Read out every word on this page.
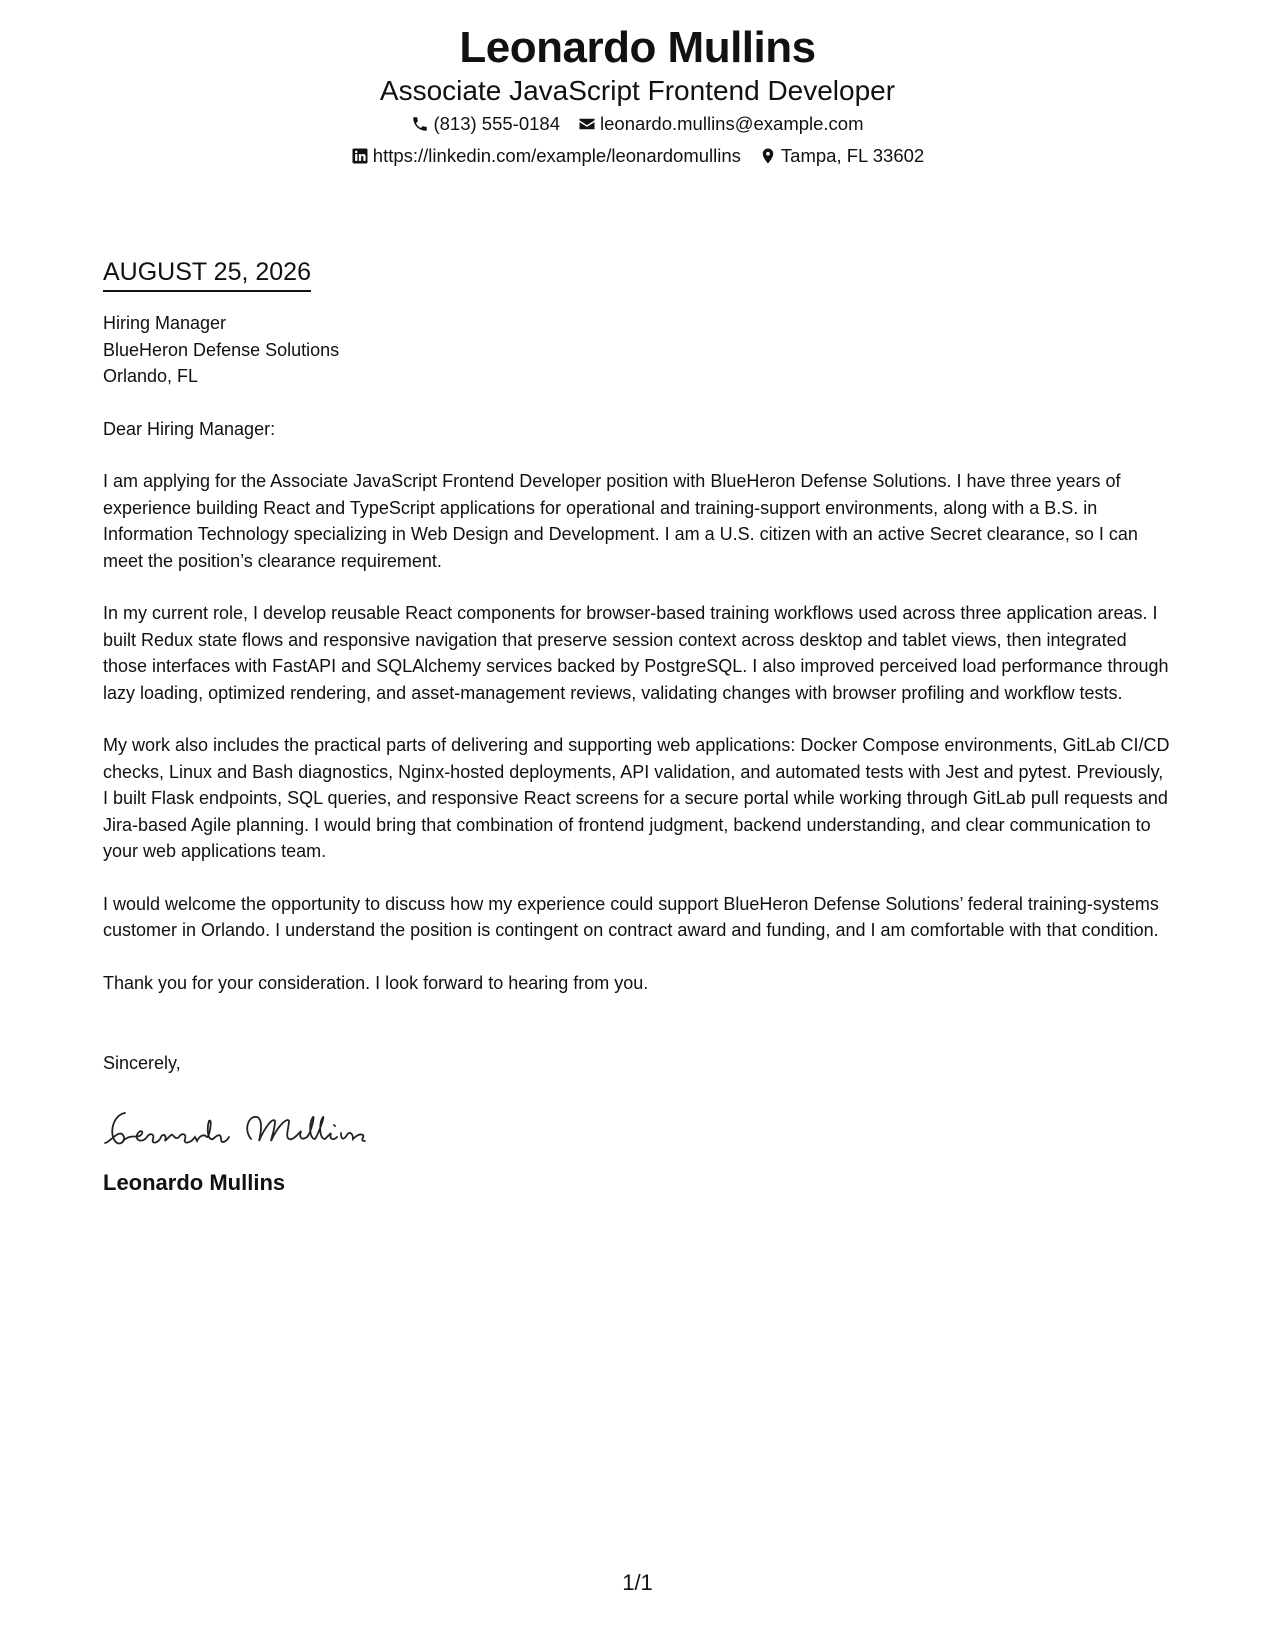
Leonardo Mullins
Associate JavaScript Frontend Developer
(813) 555-0184 leonardo.mullins@example.com
https://linkedin.com/example/leonardomullins Tampa, FL 33602
AUGUST 25, 2026
Hiring Manager
BlueHeron Defense Solutions
Orlando, FL
Dear Hiring Manager:

I am applying for the Associate JavaScript Frontend Developer position with BlueHeron Defense Solutions. I have three years of experience building React and TypeScript applications for operational and training-support environments, along with a B.S. in Information Technology specializing in Web Design and Development. I am a U.S. citizen with an active Secret clearance, so I can meet the position’s clearance requirement.

In my current role, I develop reusable React components for browser-based training workflows used across three application areas. I built Redux state flows and responsive navigation that preserve session context across desktop and tablet views, then integrated those interfaces with FastAPI and SQLAlchemy services backed by PostgreSQL. I also improved perceived load performance through lazy loading, optimized rendering, and asset-management reviews, validating changes with browser profiling and workflow tests.

My work also includes the practical parts of delivering and supporting web applications: Docker Compose environments, GitLab CI/CD checks, Linux and Bash diagnostics, Nginx-hosted deployments, API validation, and automated tests with Jest and pytest. Previously, I built Flask endpoints, SQL queries, and responsive React screens for a secure portal while working through GitLab pull requests and Jira-based Agile planning. I would bring that combination of frontend judgment, backend understanding, and clear communication to your web applications team.

I would welcome the opportunity to discuss how my experience could support BlueHeron Defense Solutions’ federal training-systems customer in Orlando. I understand the position is contingent on contract award and funding, and I am comfortable with that condition.

Thank you for your consideration. I look forward to hearing from you.

Sincerely,
Leonardo Mullins
1/1
